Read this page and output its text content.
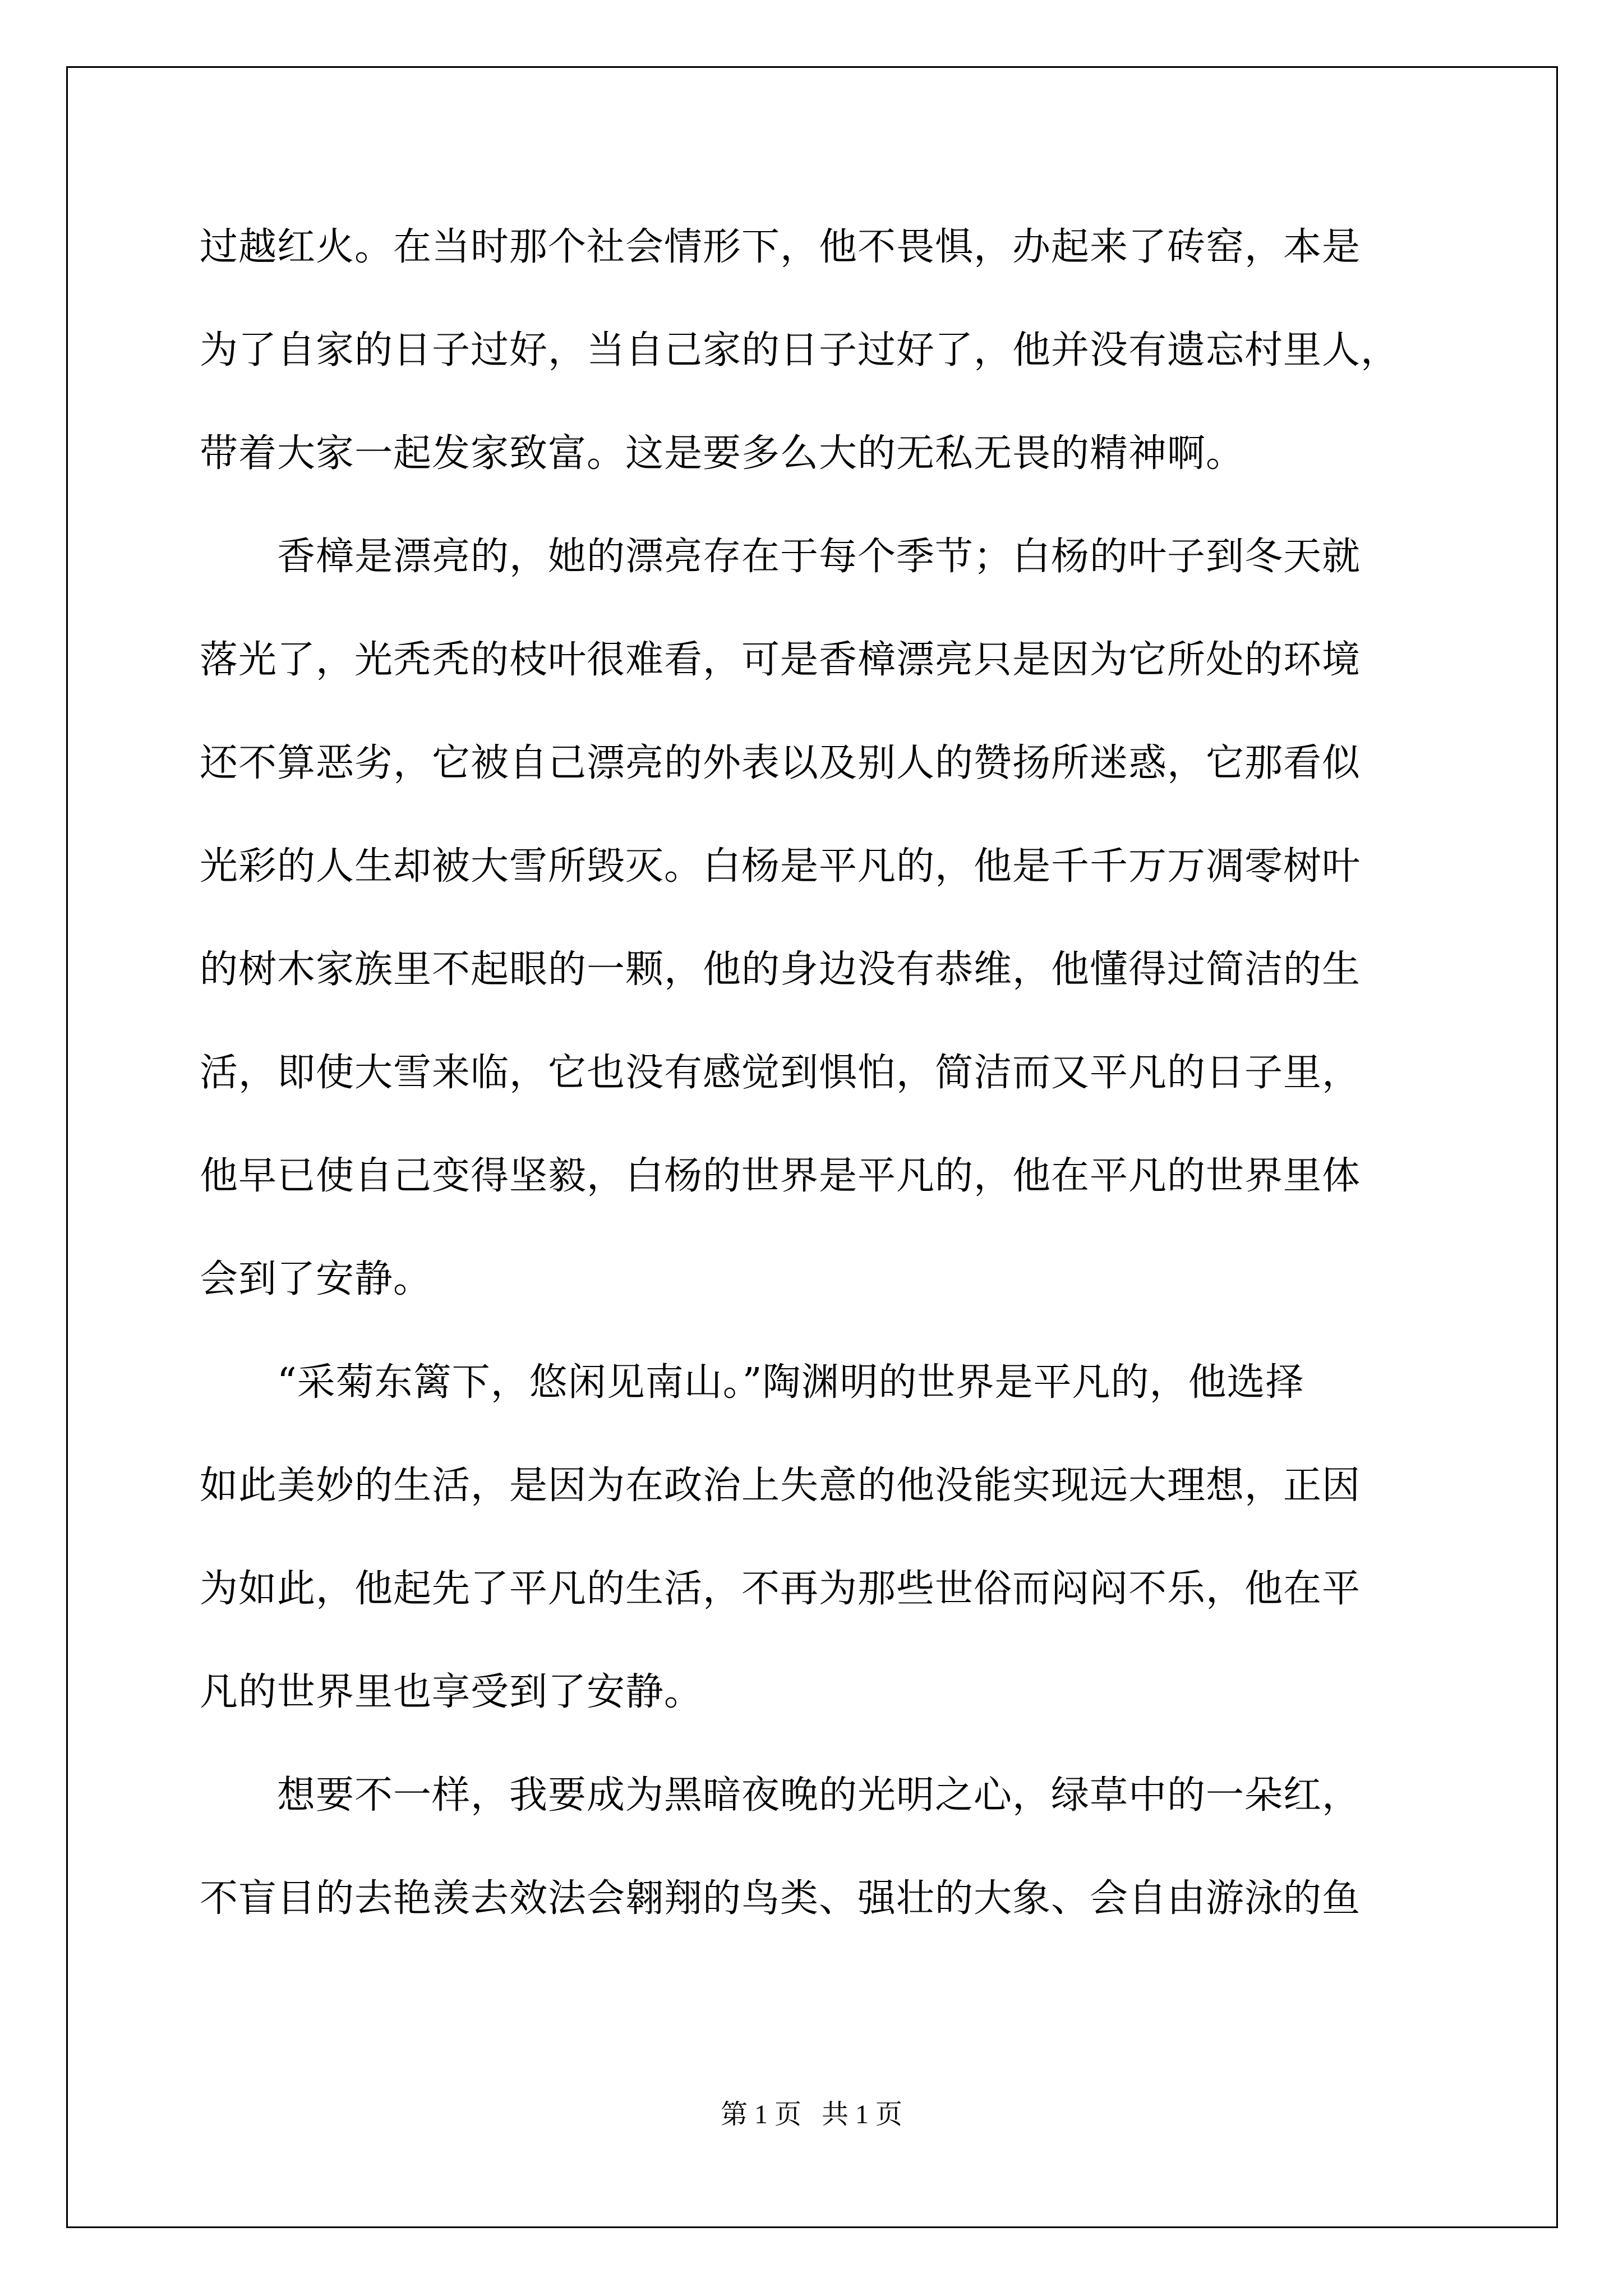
过越红火。在当时那个社会情形下，他不畏惧，办起来了砖窑，本是
为了自家的日子过好，当自己家的日子过好了，他并没有遗忘村里人，
带着大家一起发家致富。这是要多么大的无私无畏的精神啊。
　　香樟是漂亮的，她的漂亮存在于每个季节；白杨的叶子到冬天就
落光了，光秃秃的枝叶很难看，可是香樟漂亮只是因为它所处的环境
还不算恶劣，它被自己漂亮的外表以及别人的赞扬所迷惑，它那看似
光彩的人生却被大雪所毁灭。白杨是平凡的，他是千千万万凋零树叶
的树木家族里不起眼的一颗，他的身边没有恭维，他懂得过简洁的生
活，即使大雪来临，它也没有感觉到惧怕，简洁而又平凡的日子里，
他早已使自己变得坚毅，白杨的世界是平凡的，他在平凡的世界里体
会到了安静。
　　“采菊东篱下，悠闲见南山。”陶渊明的世界是平凡的，他选择
如此美妙的生活，是因为在政治上失意的他没能实现远大理想，正因
为如此，他起先了平凡的生活，不再为那些世俗而闷闷不乐，他在平
凡的世界里也享受到了安静。
　　想要不一样，我要成为黑暗夜晚的光明之心，绿草中的一朵红，
不盲目的去艳羡去效法会翱翔的鸟类、强壮的大象、会自由游泳的鱼
第 1 页   共 1 页
